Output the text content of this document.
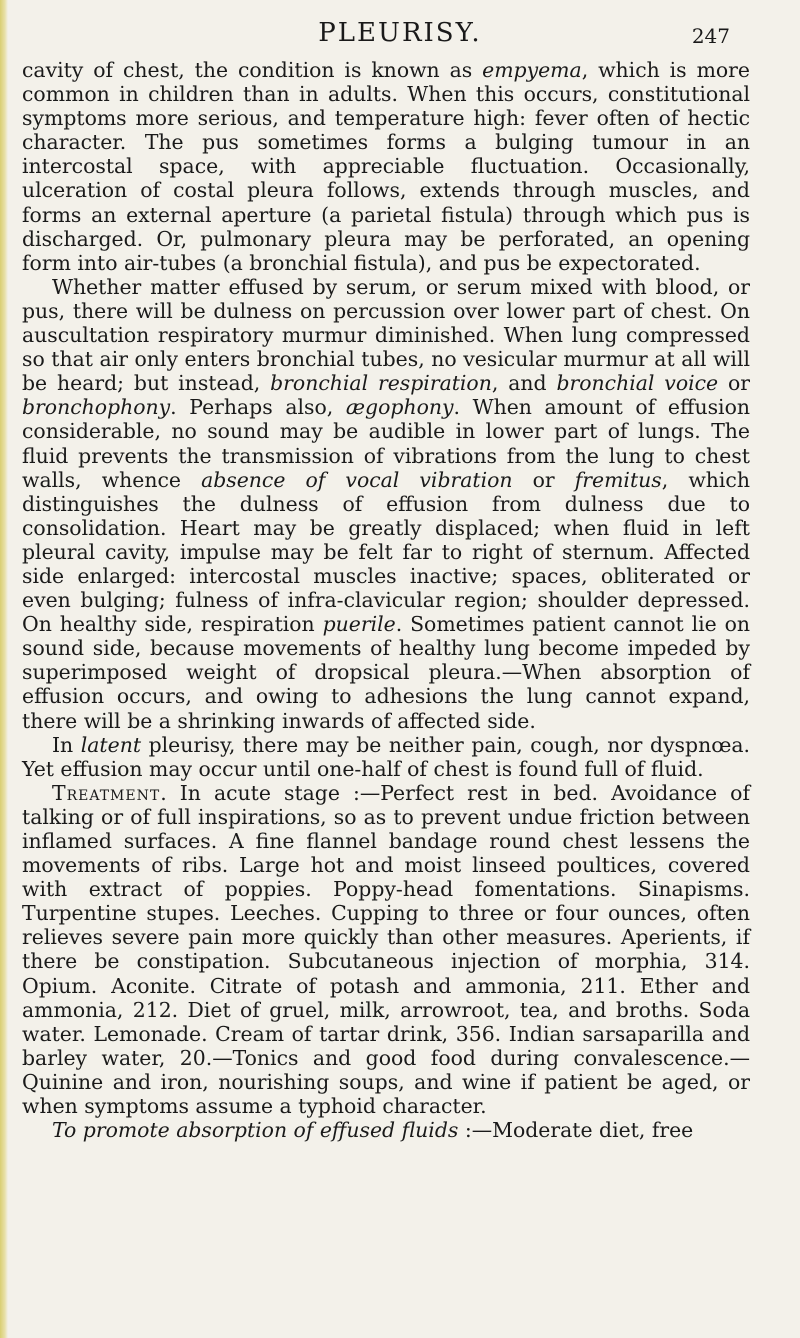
PLEURISY.	247

cavity of chest, the condition is known as empyema, which is more common in children than in adults. When this occurs, constitutional symptoms more serious, and temperature high: fever often of hectic character. The pus sometimes forms a bulging tumour in an intercostal space, with appreciable fluctuation. Occasionally, ulceration of costal pleura follows, extends through muscles, and forms an external aperture (a parietal fistula) through which pus is discharged. Or, pulmonary pleura may be perforated, an opening form into air-tubes (a bronchial fistula), and pus be expectorated.

Whether matter effused by serum, or serum mixed with blood, or pus, there will be dulness on percussion over lower part of chest. On auscultation respiratory murmur diminished. When lung compressed so that air only enters bronchial tubes, no vesicular murmur at all will be heard; but instead, bronchial respiration, and bronchial voice or bronchophony. Perhaps also, ægophony. When amount of effusion considerable, no sound may be audible in lower part of lungs. The fluid prevents the transmission of vibrations from the lung to chest walls, whence absence of vocal vibration or fremitus, which distinguishes the dulness of effusion from dulness due to consolidation. Heart may be greatly displaced; when fluid in left pleural cavity, impulse may be felt far to right of sternum. Affected side enlarged: intercostal muscles inactive; spaces, obliterated or even bulging; fulness of infra-clavicular region; shoulder depressed. On healthy side, respiration puerile. Sometimes patient cannot lie on sound side, because movements of healthy lung become impeded by superimposed weight of dropsical pleura.—When absorption of effusion occurs, and owing to adhesions the lung cannot expand, there will be a shrinking inwards of affected side.

In latent pleurisy, there may be neither pain, cough, nor dyspnœa. Yet effusion may occur until one-half of chest is found full of fluid.

Treatment. In acute stage :—Perfect rest in bed. Avoidance of talking or of full inspirations, so as to prevent undue friction between inflamed surfaces. A fine flannel bandage round chest lessens the movements of ribs. Large hot and moist linseed poultices, covered with extract of poppies. Poppy-head fomentations. Sinapisms. Turpentine stupes. Leeches. Cupping to three or four ounces, often relieves severe pain more quickly than other measures. Aperients, if there be constipation. Subcutaneous injection of morphia, 314. Opium. Aconite. Citrate of potash and ammonia, 211. Ether and ammonia, 212. Diet of gruel, milk, arrowroot, tea, and broths. Soda water. Lemonade. Cream of tartar drink, 356. Indian sarsaparilla and barley water, 20.—Tonics and good food during convalescence.—Quinine and iron, nourishing soups, and wine if patient be aged, or when symptoms assume a typhoid character.

To promote absorption of effused fluids :—Moderate diet, free
